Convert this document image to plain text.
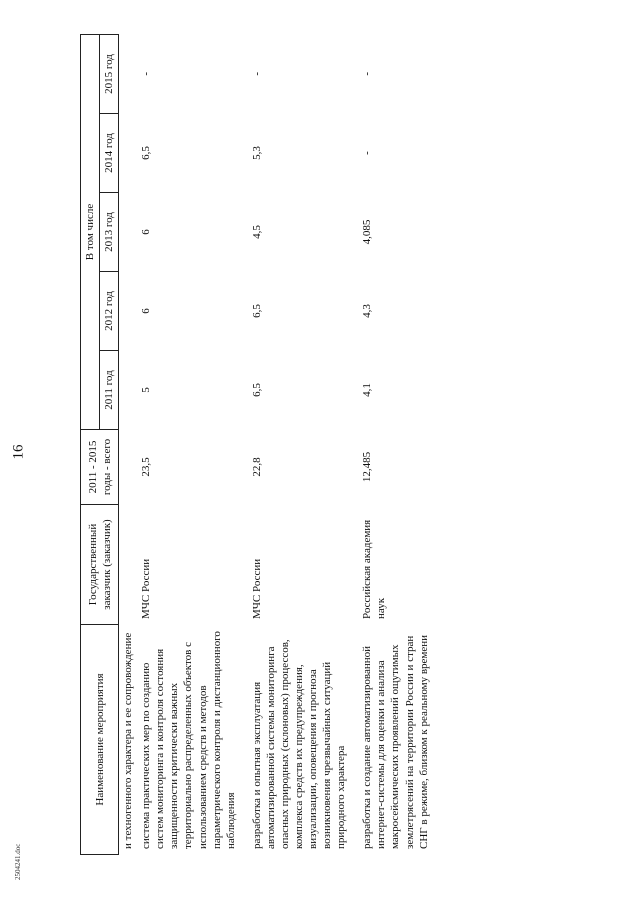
16
2504241.doc
Наименование мероприятия	Государственный заказчик (заказчик)	2011 - 2015 годы - всего	В том числе				
			2011 год	2012 год	2013 год	2014 год	2015 год
и техногенного характера и ее сопровождение							
система практических мер по созданию систем мониторинга и контроля состояния защищенности критически важных территориально распределенных объектов с использованием средств и методов параметрического контроля и дистанционного наблюдения	МЧС России	23,5	5	6	6	6,5	-
разработка и опытная эксплуатация автоматизированной системы мониторинга опасных природных (склоновых) процессов, комплекса средств их предупреждения, визуализации, оповещения и прогноза возникновения чрезвычайных ситуаций природного характера	МЧС России	22,8	6,5	6,5	4,5	5,3	-
разработка и создание автоматизированной интернет-системы для оценки и анализа макросейсмических проявлений ощутимых землетрясений на территории России и стран СНГ в режиме, близком к реальному времени	Российская академия наук	12,485	4,1	4,3	4,085	-	-
